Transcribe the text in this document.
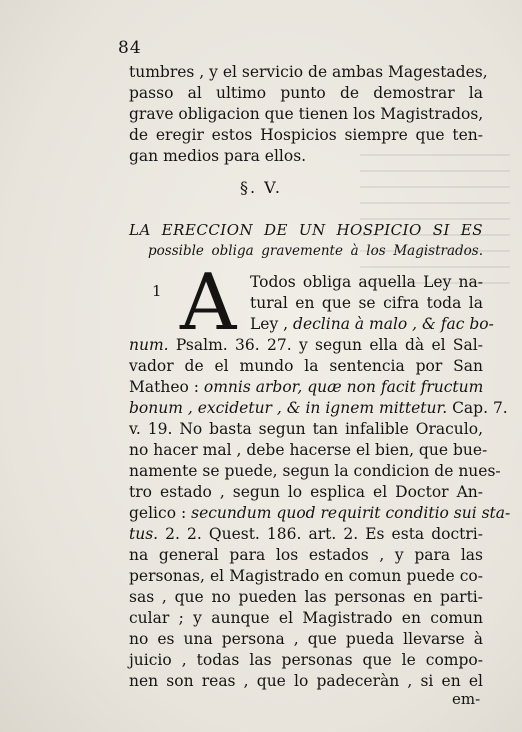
84
tumbres , y el servicio de ambas Magestades,
passo al ultimo punto de demostrar la
grave obligacion que tienen los Magistrados,
de eregir estos Hospicios siempre que ten-
gan medios para ellos.
§. V.
LA ERECCION DE UN HOSPICIO SI ES
possible obliga gravemente à los Magistrados.
1 A Todos obliga aquella Ley na-
tural en que se cifra toda la
Ley , declina à malo , & fac bo-
num. Psalm. 36. 27. y segun ella dà el Sal-
vador de el mundo la sentencia por San
Matheo : omnis arbor, quæ non facit fructum
bonum , excidetur , & in ignem mittetur. Cap. 7.
v. 19. No basta segun tan infalible Oraculo,
no hacer mal , debe hacerse el bien, que bue-
namente se puede, segun la condicion de nues-
tro estado , segun lo esplica el Doctor An-
gelico : secundum quod requirit conditio sui sta-
tus. 2. 2. Quest. 186. art. 2. Es esta doctri-
na general para los estados , y para las
personas, el Magistrado en comun puede co-
sas , que no pueden las personas en parti-
cular ; y aunque el Magistrado en comun
no es una persona , que pueda llevarse à
juicio , todas las personas que le compo-
nen son reas , que lo padeceràn , si en el
em-
